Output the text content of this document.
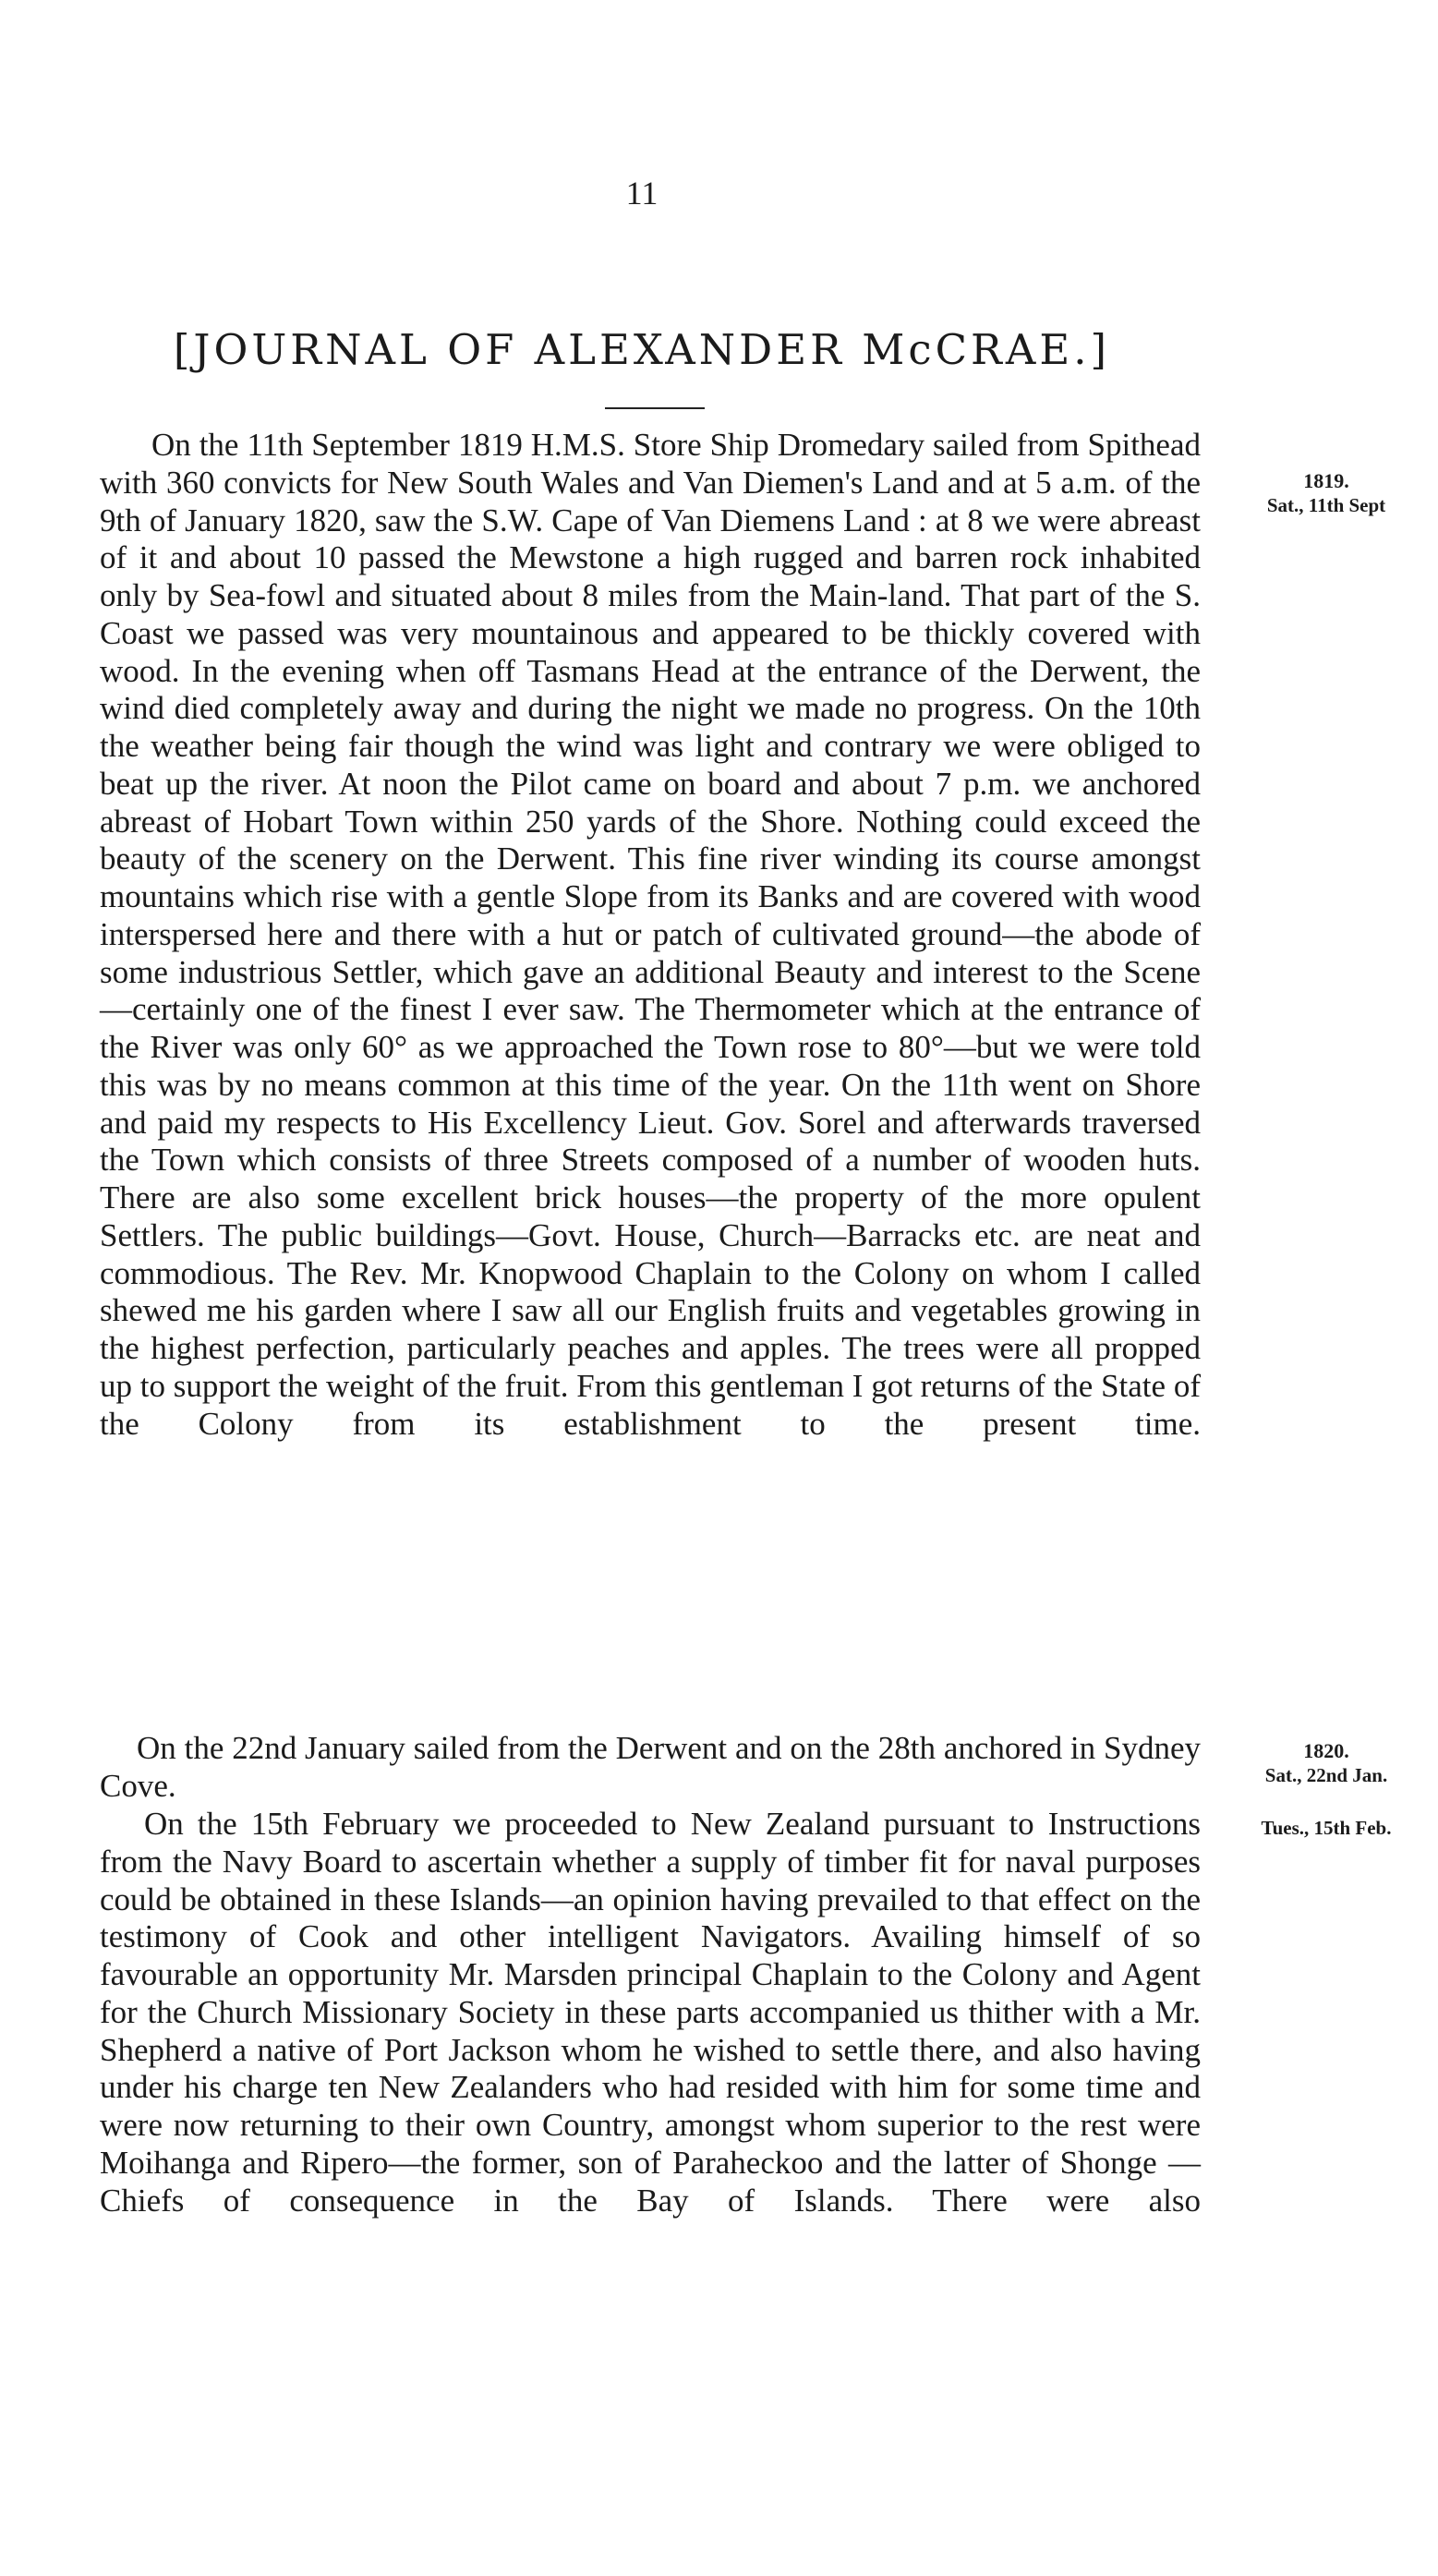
11
[JOURNAL OF ALEXANDER McCRAE.]

On the 11th September 1819 H.M.S. Store Ship Dromedary sailed from Spithead with 360 convicts for New South Wales and Van Diemen's Land and at 5 a.m. of the 9th of January 1820, saw the S.W. Cape of Van Diemens Land : at 8 we were abreast of it and about 10 passed the Mewstone a high rugged and barren rock inhabited only by Sea-fowl and situated about 8 miles from the Main-land. That part of the S. Coast we passed was very mountainous and appeared to be thickly covered with wood. In the evening when off Tasmans Head at the entrance of the Derwent, the wind died completely away and during the night we made no progress. On the 10th the weather being fair though the wind was light and contrary we were obliged to beat up the river. At noon the Pilot came on board and about 7 p.m. we anchored abreast of Hobart Town within 250 yards of the Shore. Nothing could exceed the beauty of the scenery on the Derwent. This fine river winding its course amongst mountains which rise with a gentle Slope from its Banks and are covered with wood interspersed here and there with a hut or patch of cultivated ground—the abode of some industrious Settler, which gave an additional Beauty and interest to the Scene—certainly one of the finest I ever saw. The Thermometer which at the entrance of the River was only 60° as we approached the Town rose to 80°—but we were told this was by no means common at this time of the year. On the 11th went on Shore and paid my respects to His Excellency Lieut. Gov. Sorel and afterwards traversed the Town which consists of three Streets composed of a number of wooden huts. There are also some excellent brick houses—the property of the more opulent Settlers. The public buildings—Govt. House, Church—Barracks etc. are neat and commodious. The Rev. Mr. Knopwood Chaplain to the Colony on whom I called shewed me his garden where I saw all our English fruits and vegetables growing in the highest perfection, particularly peaches and apples. The trees were all propped up to support the weight of the fruit. From this gentleman I got returns of the State of the Colony from its establishment to the present time.

On the 22nd January sailed from the Derwent and on the 28th anchored in Sydney Cove.

On the 15th February we proceeded to New Zealand pursuant to Instructions from the Navy Board to ascertain whether a supply of timber fit for naval purposes could be obtained in these Islands—an opinion having prevailed to that effect on the testimony of Cook and other intelligent Navigators. Availing himself of so favourable an opportunity Mr. Marsden principal Chaplain to the Colony and Agent for the Church Missionary Society in these parts accompanied us thither with a Mr. Shepherd a native of Port Jackson whom he wished to settle there, and also having under his charge ten New Zealanders who had resided with him for some time and were now returning to their own Country, amongst whom superior to the rest were Moihanga and Ripero—the former, son of Paraheckoo and the latter of Shonge —Chiefs of consequence in the Bay of Islands. There were also

1819.
Sat., 11th Sept
1820.
Sat., 22nd Jan.
Tues., 15th Feb.
